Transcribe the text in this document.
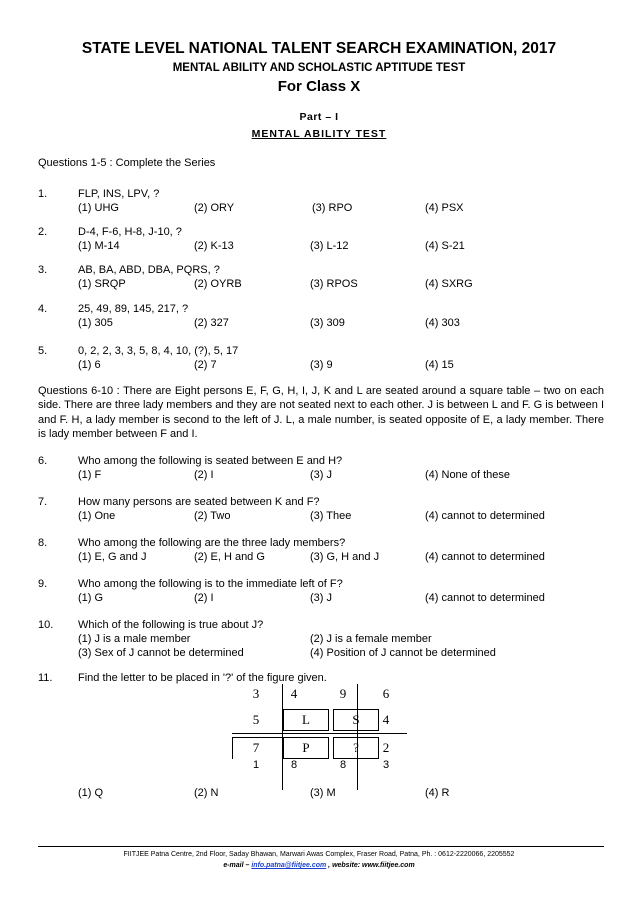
STATE LEVEL NATIONAL TALENT SEARCH EXAMINATION, 2017
MENTAL ABILITY AND SCHOLASTIC APTITUDE TEST
For Class X
Part – I
MENTAL ABILITY TEST
Questions 1-5 : Complete the Series
1.	FLP, INS, LPV, ?
(1) UHG	(2) ORY	(3) RPO	(4) PSX
2.	D-4, F-6, H-8, J-10, ?
(1) M-14	(2) K-13	(3) L-12	(4) S-21
3.	AB, BA, ABD, DBA, PQRS, ?
(1) SRQP	(2) OYRB	(3) RPOS	(4) SXRG
4.	25, 49, 89, 145, 217, ?
(1) 305	(2) 327	(3) 309	(4) 303
5.	0, 2, 2, 3, 3, 5, 8, 4, 10, (?), 5, 17
(1) 6	(2) 7	(3) 9	(4) 15
Questions 6-10 : There are Eight persons E, F, G, H, I, J, K and L are seated around a square table – two on each side. There are three lady members and they are not seated next to each other. J is between L and F. G is between I and F. H, a lady member is second to the left of J. L, a male number, is seated opposite of E, a lady member. There is lady member between F and I.
6.	Who among the following is seated between E and H?
(1) F	(2) I	(3) J	(4) None of these
7.	How many persons are seated between K and F?
(1) One	(2) Two	(3) Thee	(4) cannot to determined
8.	Who among the following are the three lady members?
(1) E, G and J	(2) E, H and G	(3) G, H and J	(4) cannot to determined
9.	Who among the following is to the immediate left of F?
(1) G	(2) I	(3) J	(4) cannot to determined
10. Which of the following is true about J?
(1) J is a male member	(2) J is a female member
(3) Sex of J cannot be determined	(4) Position of J cannot be determined
11. Find the letter to be placed in '?' of the figure given.
3	4	9	6
5	L	S	4
7	P	?	2
1	8	8	3
(1) Q	(2) N	(3) M	(4) R
FIITJEE Patna Centre, 2nd Floor, Saday Bhawan, Marwari Awas Complex, Fraser Road, Patna, Ph. : 0612-2220066, 2205552
e-mail – info.patna@fiitjee.com , website: www.fiitjee.com
